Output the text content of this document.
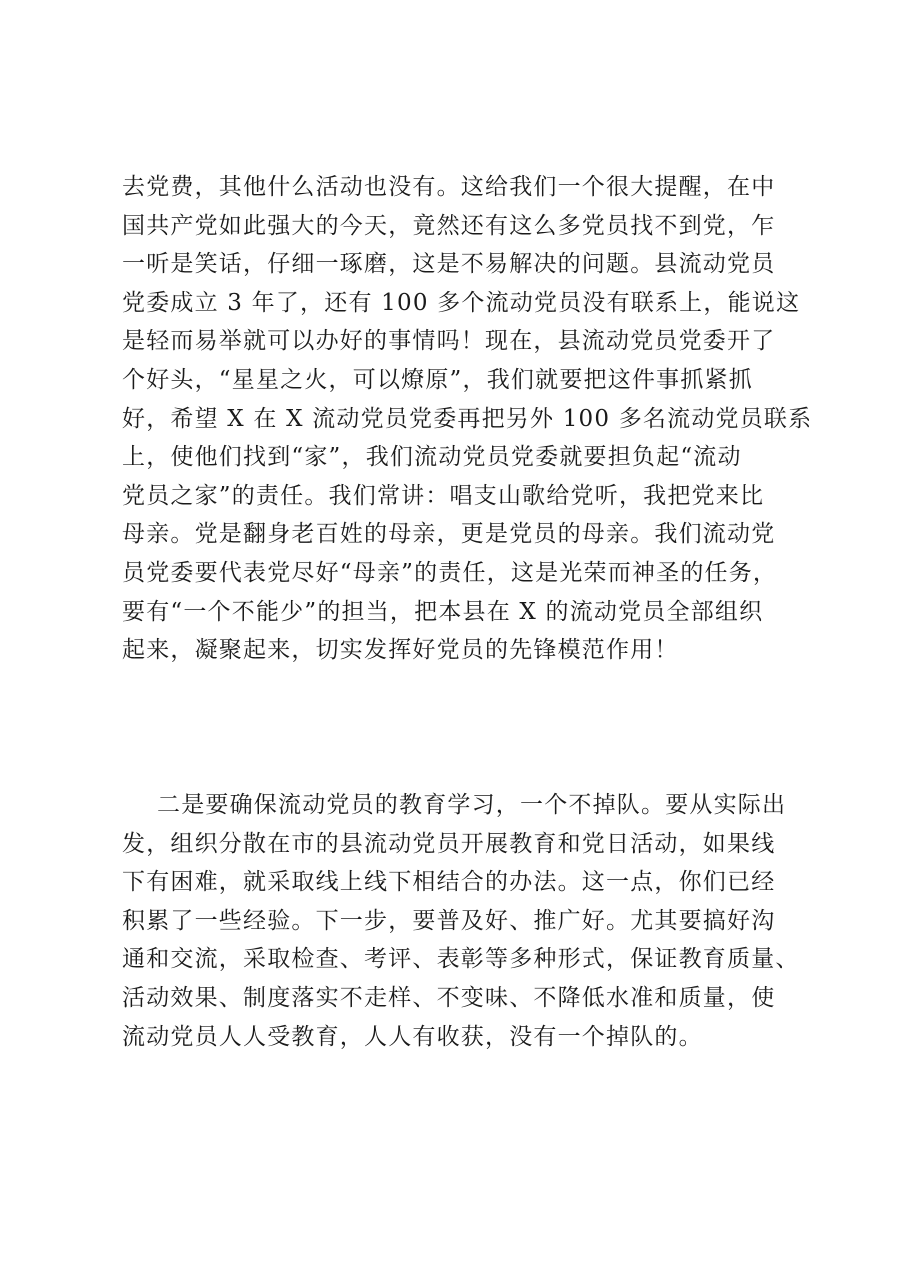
去党费，其他什么活动也没有。这给我们一个很大提醒，在中
国共产党如此强大的今天，竟然还有这么多党员找不到党，乍
一听是笑话，仔细一琢磨，这是不易解决的问题。县流动党员
党委成立 3 年了，还有 100 多个流动党员没有联系上，能说这
是轻而易举就可以办好的事情吗！现在，县流动党员党委开了
个好头，“星星之火，可以燎原”，我们就要把这件事抓紧抓
好，希望 X 在 X 流动党员党委再把另外 100 多名流动党员联系
上，使他们找到“家”，我们流动党员党委就要担负起“流动
党员之家”的责任。我们常讲：唱支山歌给党听，我把党来比
母亲。党是翻身老百姓的母亲，更是党员的母亲。我们流动党
员党委要代表党尽好“母亲”的责任，这是光荣而神圣的任务，
要有“一个不能少”的担当，把本县在 X 的流动党员全部组织
起来，凝聚起来，切实发挥好党员的先锋模范作用！
二是要确保流动党员的教育学习，一个不掉队。要从实际出
发，组织分散在市的县流动党员开展教育和党日活动，如果线
下有困难，就采取线上线下相结合的办法。这一点，你们已经
积累了一些经验。下一步，要普及好、推广好。尤其要搞好沟
通和交流，采取检查、考评、表彰等多种形式，保证教育质量、
活动效果、制度落实不走样、不变味、不降低水准和质量，使
流动党员人人受教育，人人有收获，没有一个掉队的。
